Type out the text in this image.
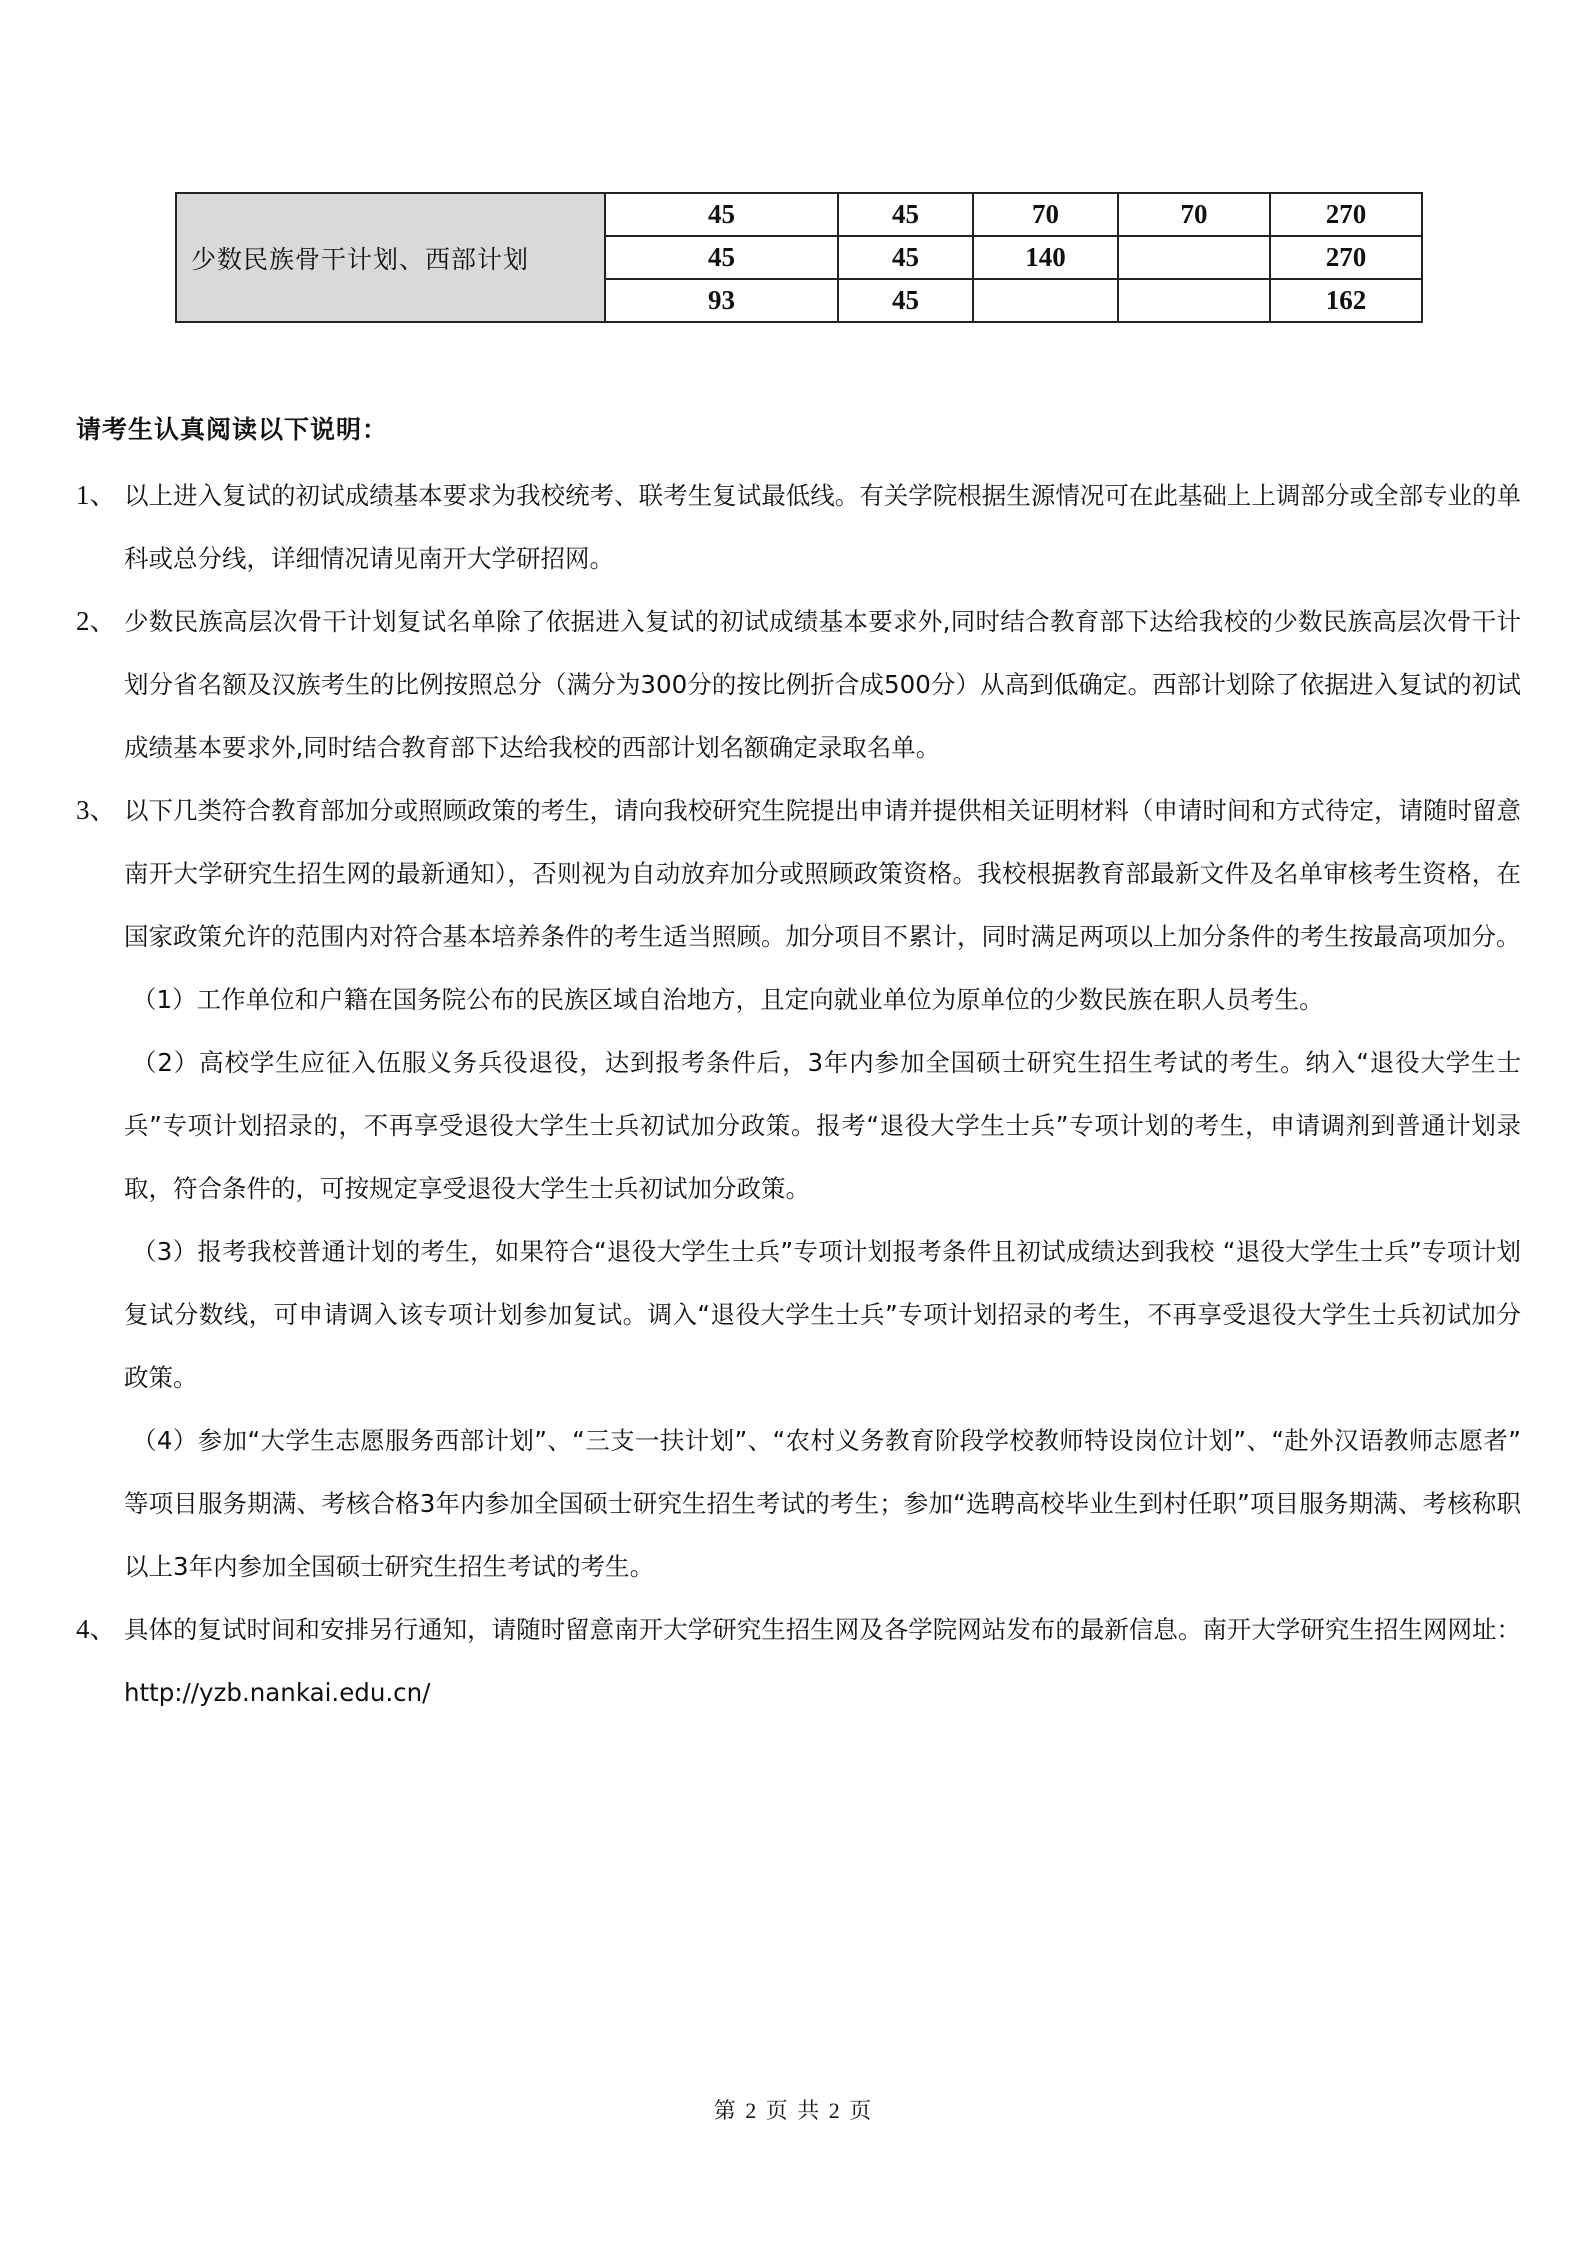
少数民族骨干计划、西部计划	45	45	70	70	270
	45	45	140		270
	93	45			162
请考生认真阅读以下说明：
1、 以上进入复试的初试成绩基本要求为我校统考、联考生复试最低线。有关学院根据生源情况可在此基础上上调部分或全部专业的单科或总分线，详细情况请见南开大学研招网。
2、 少数民族高层次骨干计划复试名单除了依据进入复试的初试成绩基本要求外,同时结合教育部下达给我校的少数民族高层次骨干计划分省名额及汉族考生的比例按照总分（满分为300分的按比例折合成500分）从高到低确定。西部计划除了依据进入复试的初试成绩基本要求外,同时结合教育部下达给我校的西部计划名额确定录取名单。
3、 以下几类符合教育部加分或照顾政策的考生，请向我校研究生院提出申请并提供相关证明材料（申请时间和方式待定，请随时留意南开大学研究生招生网的最新通知），否则视为自动放弃加分或照顾政策资格。我校根据教育部最新文件及名单审核考生资格，在国家政策允许的范围内对符合基本培养条件的考生适当照顾。加分项目不累计，同时满足两项以上加分条件的考生按最高项加分。
（1）工作单位和户籍在国务院公布的民族区域自治地方，且定向就业单位为原单位的少数民族在职人员考生。
（2）高校学生应征入伍服义务兵役退役，达到报考条件后，3年内参加全国硕士研究生招生考试的考生。纳入“退役大学生士兵”专项计划招录的，不再享受退役大学生士兵初试加分政策。报考“退役大学生士兵”专项计划的考生，申请调剂到普通计划录取，符合条件的，可按规定享受退役大学生士兵初试加分政策。
（3）报考我校普通计划的考生，如果符合“退役大学生士兵”专项计划报考条件且初试成绩达到我校 “退役大学生士兵”专项计划复试分数线，可申请调入该专项计划参加复试。调入“退役大学生士兵”专项计划招录的考生，不再享受退役大学生士兵初试加分政策。
（4）参加“大学生志愿服务西部计划”、“三支一扶计划”、“农村义务教育阶段学校教师特设岗位计划”、“赴外汉语教师志愿者” 等项目服务期满、考核合格3年内参加全国硕士研究生招生考试的考生；参加“选聘高校毕业生到村任职”项目服务期满、考核称职以上3年内参加全国硕士研究生招生考试的考生。
4、 具体的复试时间和安排另行通知，请随时留意南开大学研究生招生网及各学院网站发布的最新信息。南开大学研究生招生网网址：http://yzb.nankai.edu.cn/
第 2 页 共 2 页
